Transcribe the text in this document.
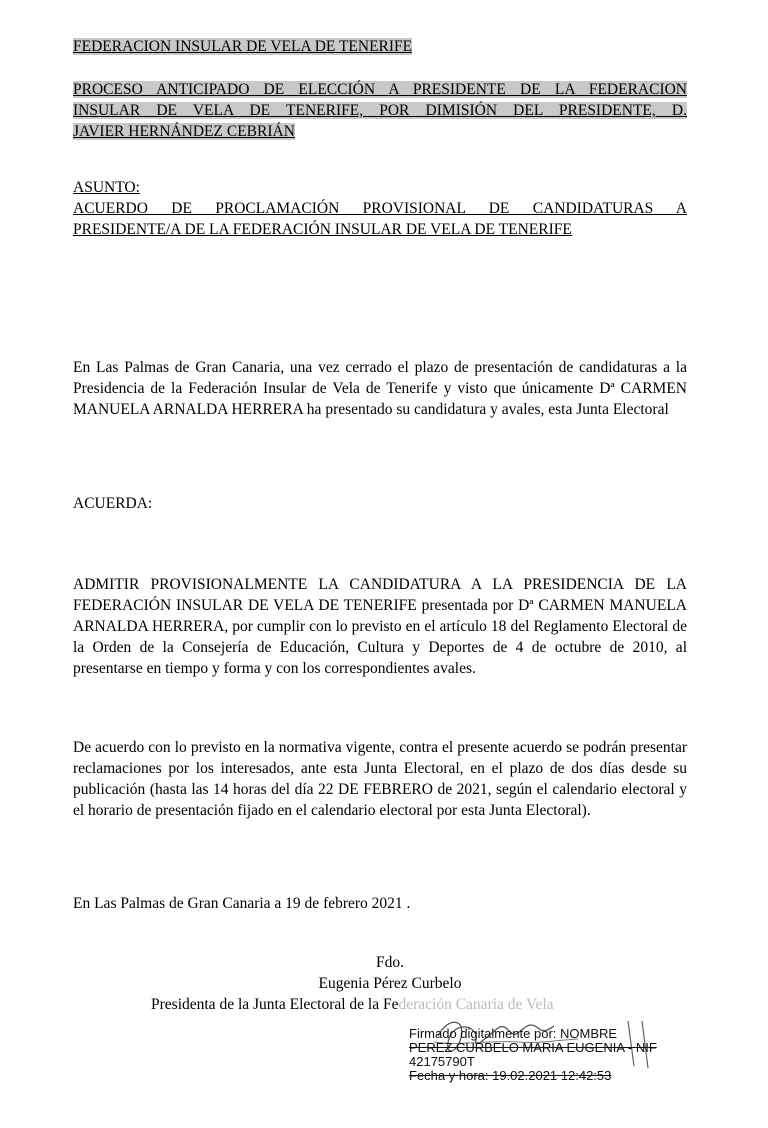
FEDERACION INSULAR DE VELA DE TENERIFE
PROCESO ANTICIPADO DE ELECCIÓN A PRESIDENTE DE LA FEDERACION
INSULAR DE VELA DE TENERIFE, POR DIMISIÓN DEL PRESIDENTE, D.
JAVIER HERNÁNDEZ CEBRIÁN
ASUNTO:
ACUERDO DE PROCLAMACIÓN PROVISIONAL DE CANDIDATURAS A
PRESIDENTE/A DE LA FEDERACIÓN INSULAR DE VELA DE TENERIFE
En Las Palmas de Gran Canaria, una vez cerrado el plazo de presentación de candidaturas a la Presidencia de la Federación Insular de Vela de Tenerife y visto que únicamente Dª CARMEN MANUELA ARNALDA HERRERA ha presentado su candidatura y avales, esta Junta Electoral
ACUERDA:
ADMITIR PROVISIONALMENTE LA CANDIDATURA A LA PRESIDENCIA DE LA FEDERACIÓN INSULAR DE VELA DE TENERIFE presentada por Dª CARMEN MANUELA ARNALDA HERRERA, por cumplir con lo previsto en el artículo 18 del Reglamento Electoral de la Orden de la Consejería de Educación, Cultura y Deportes de 4 de octubre de 2010, al presentarse en tiempo y forma y con los correspondientes avales.
De acuerdo con lo previsto en la normativa vigente, contra el presente acuerdo se podrán presentar reclamaciones por los interesados, ante esta Junta Electoral, en el plazo de dos días desde su publicación (hasta las 14 horas del día 22 DE FEBRERO de 2021, según el calendario electoral y el horario de presentación fijado en el calendario electoral por esta Junta Electoral).
En Las Palmas de Gran Canaria a 19 de febrero 2021 .
Fdo.
Eugenia Pérez Curbelo
Presidenta de la Junta Electoral de la Federación Canaria de Vela
Firmado digitalmente por: NOMBRE
PEREZ CURBELO MARIA EUGENIA - NIF
42175790T
Fecha y hora: 19.02.2021 12:42:53
